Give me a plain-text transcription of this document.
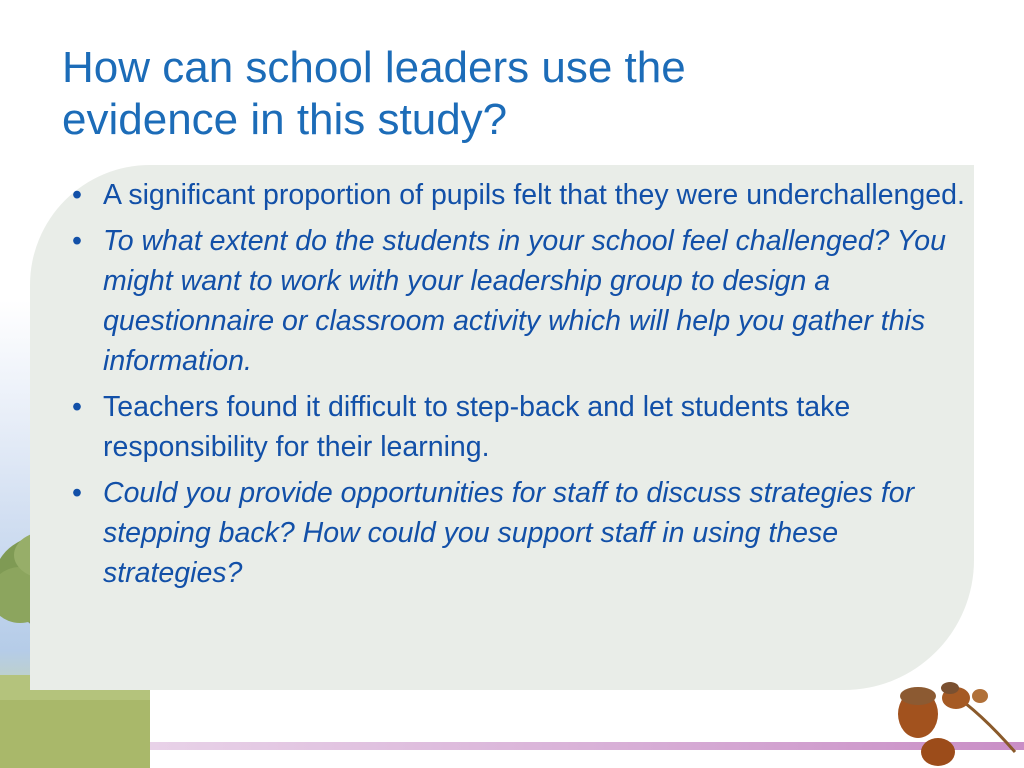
How can school leaders use the evidence in this study?
• A significant proportion of pupils felt that they were underchallenged.
• To what extent do the students in your school feel challenged? You might want to work with your leadership group to design a questionnaire or classroom activity which will help you gather this information.
• Teachers found it difficult to step-back and let students take responsibility for their learning.
• Could you provide opportunities for staff to discuss strategies for stepping back? How could you support staff in using these strategies?
